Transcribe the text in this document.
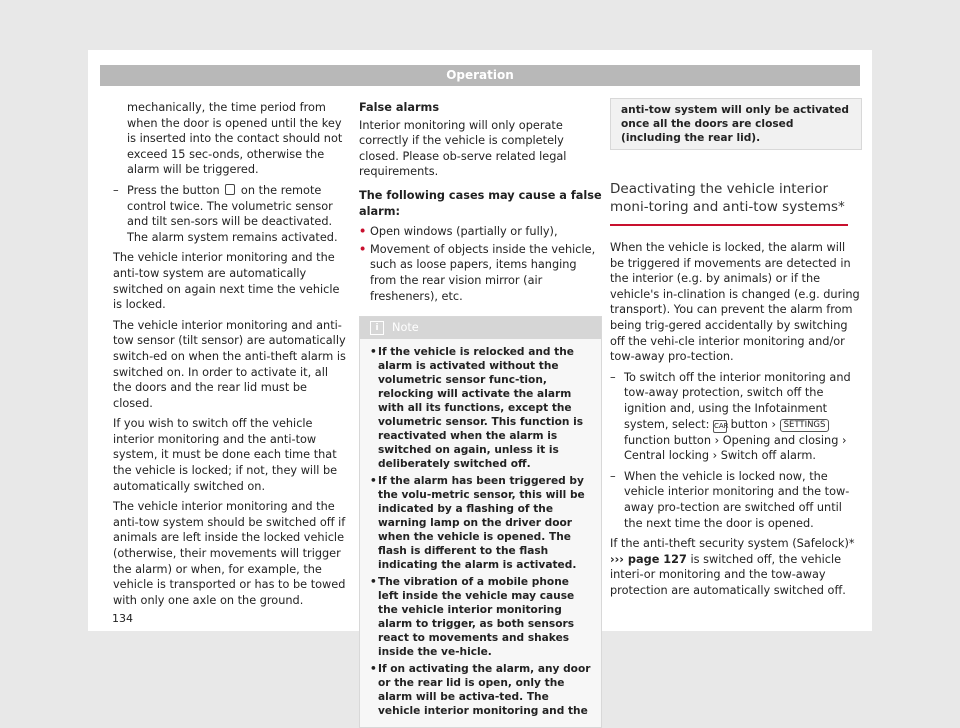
Operation

mechanically, the time period from when the door is opened until the key is inserted into the contact should not exceed 15 sec-onds, otherwise the alarm will be triggered.

– Press the button on the remote control twice. The volumetric sensor and tilt sen-sors will be deactivated. The alarm system remains activated.

The vehicle interior monitoring and the anti-tow system are automatically switched on again next time the vehicle is locked.

The vehicle interior monitoring and anti-tow sensor (tilt sensor) are automatically switch-ed on when the anti-theft alarm is switched on. In order to activate it, all the doors and the rear lid must be closed.

If you wish to switch off the vehicle interior monitoring and the anti-tow system, it must be done each time that the vehicle is locked; if not, they will be automatically switched on.

The vehicle interior monitoring and the anti-tow system should be switched off if animals are left inside the locked vehicle (otherwise, their movements will trigger the alarm) or when, for example, the vehicle is transported or has to be towed with only one axle on the ground.

False alarms

Interior monitoring will only operate correctly if the vehicle is completely closed. Please ob-serve related legal requirements.

The following cases may cause a false alarm:

• Open windows (partially or fully),
• Movement of objects inside the vehicle, such as loose papers, items hanging from the rear vision mirror (air fresheners), etc.
i Note
• If the vehicle is relocked and the alarm is activated without the volumetric sensor func-tion, relocking will activate the alarm with all its functions, except the volumetric sensor. This function is reactivated when the alarm is switched on again, unless it is deliberately switched off.
• If the alarm has been triggered by the volu-metric sensor, this will be indicated by a flashing of the warning lamp on the driver door when the vehicle is opened. The flash is different to the flash indicating the alarm is activated.
• The vibration of a mobile phone left inside the vehicle may cause the vehicle interior monitoring alarm to trigger, as both sensors react to movements and shakes inside the ve-hicle.
• If on activating the alarm, any door or the rear lid is open, only the alarm will be activa-ted. The vehicle interior monitoring and the
anti-tow system will only be activated once all the doors are closed (including the rear lid).
Deactivating the vehicle interior moni-toring and anti-tow systems*

When the vehicle is locked, the alarm will be triggered if movements are detected in the interior (e.g. by animals) or if the vehicle's in-clination is changed (e.g. during transport). You can prevent the alarm from being trig-gered accidentally by switching off the vehi-cle interior monitoring and/or tow-away pro-tection.

– To switch off the interior monitoring and tow-away protection, switch off the ignition and, using the Infotainment system, select: CAR button › SETTINGS function button › Opening and closing › Central locking › Switch off alarm.
– When the vehicle is locked now, the vehicle interior monitoring and the tow-away pro-tection are switched off until the next time the door is opened.

If the anti-theft security system (Safelock)* ››› page 127 is switched off, the vehicle interi-or monitoring and the tow-away protection are automatically switched off.

134
